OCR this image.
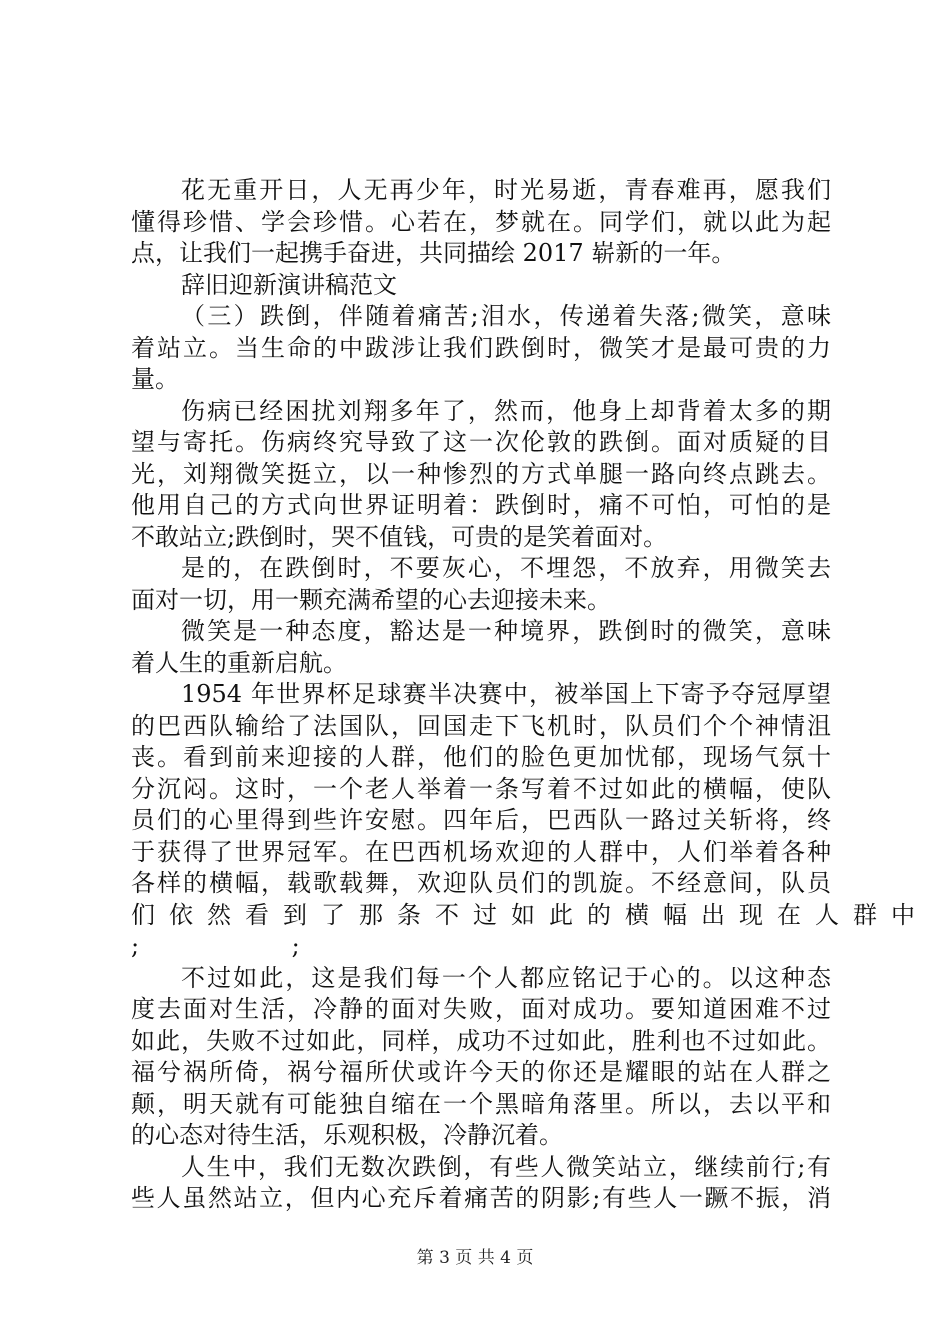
花无重开日，人无再少年，时光易逝，青春难再，愿我们
懂得珍惜、学会珍惜。心若在，梦就在。同学们，就以此为起
点，让我们一起携手奋进，共同描绘 2017 崭新的一年。
辞旧迎新演讲稿范文
（三）跌倒，伴随着痛苦;泪水，传递着失落;微笑，意味
着站立。当生命的中跋涉让我们跌倒时，微笑才是最可贵的力
量。
伤病已经困扰刘翔多年了，然而，他身上却背着太多的期
望与寄托。伤病终究导致了这一次伦敦的跌倒。面对质疑的目
光，刘翔微笑挺立，以一种惨烈的方式单腿一路向终点跳去。
他用自己的方式向世界证明着：跌倒时，痛不可怕，可怕的是
不敢站立;跌倒时，哭不值钱，可贵的是笑着面对。
是的，在跌倒时，不要灰心，不埋怨，不放弃，用微笑去
面对一切，用一颗充满希望的心去迎接未来。
微笑是一种态度，豁达是一种境界，跌倒时的微笑，意味
着人生的重新启航。
1954 年世界杯足球赛半决赛中，被举国上下寄予夺冠厚望
的巴西队输给了法国队，回国走下飞机时，队员们个个神情沮
丧。看到前来迎接的人群，他们的脸色更加忧郁，现场气氛十
分沉闷。这时，一个老人举着一条写着不过如此的横幅，使队
员们的心里得到些许安慰。四年后，巴西队一路过关斩将，终
于获得了世界冠军。在巴西机场欢迎的人群中，人们举着各种
各样的横幅，载歌载舞，欢迎队员们的凯旋。不经意间，队员
们依然看到了那条不过如此的横幅出现在人群中
;                    ;
不过如此，这是我们每一个人都应铭记于心的。以这种态
度去面对生活，冷静的面对失败，面对成功。要知道困难不过
如此，失败不过如此，同样，成功不过如此，胜利也不过如此。
福兮祸所倚，祸兮福所伏或许今天的你还是耀眼的站在人群之
颠，明天就有可能独自缩在一个黑暗角落里。所以，去以平和
的心态对待生活，乐观积极，冷静沉着。
人生中，我们无数次跌倒，有些人微笑站立，继续前行;有
些人虽然站立，但内心充斥着痛苦的阴影;有些人一蹶不振，消
第 3 页 共 4 页
